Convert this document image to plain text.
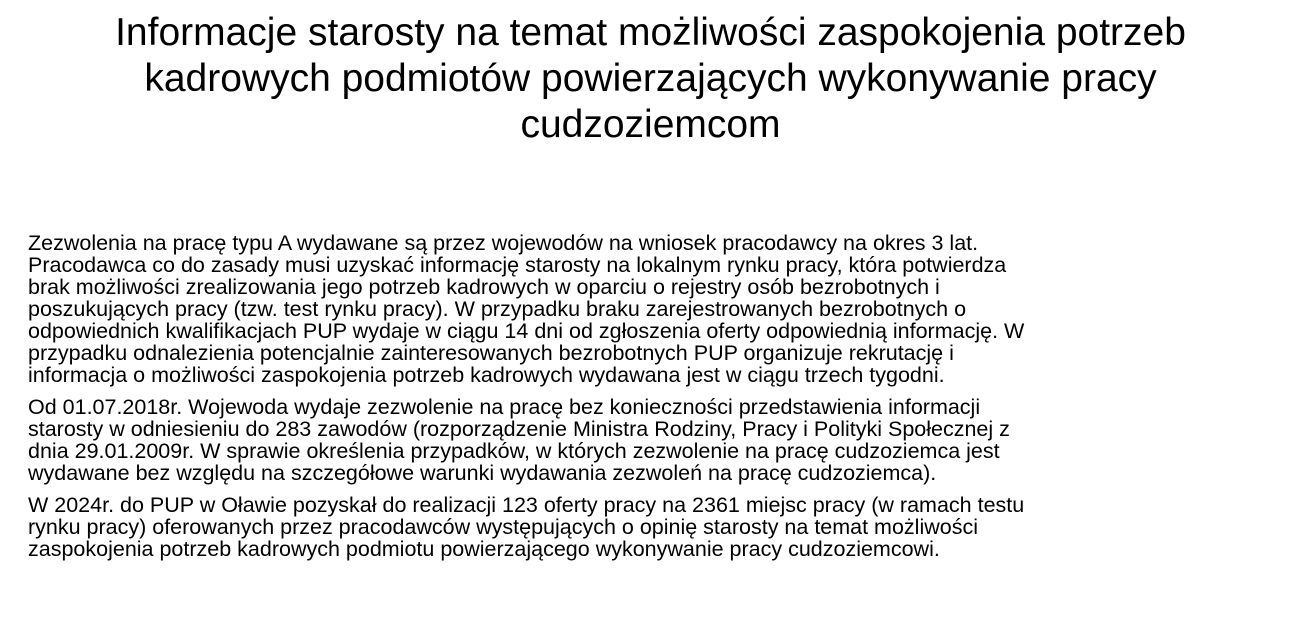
Informacje starosty na temat możliwości zaspokojenia potrzeb
kadrowych podmiotów powierzających wykonywanie pracy
cudzoziemcom

Zezwolenia na pracę typu A wydawane są przez wojewodów na wniosek pracodawcy na okres 3 lat.
Pracodawca co do zasady musi uzyskać informację starosty na lokalnym rynku pracy, która potwierdza
brak możliwości zrealizowania jego potrzeb kadrowych w oparciu o rejestry osób bezrobotnych i
poszukujących pracy (tzw. test rynku pracy). W przypadku braku zarejestrowanych bezrobotnych o
odpowiednich kwalifikacjach PUP wydaje w ciągu 14 dni od zgłoszenia oferty odpowiednią informację. W
przypadku odnalezienia potencjalnie zainteresowanych bezrobotnych PUP organizuje rekrutację i
informacja o możliwości zaspokojenia potrzeb kadrowych wydawana jest w ciągu trzech tygodni.

Od 01.07.2018r. Wojewoda wydaje zezwolenie na pracę bez konieczności przedstawienia informacji
starosty w odniesieniu do 283 zawodów (rozporządzenie Ministra Rodziny, Pracy i Polityki Społecznej z
dnia 29.01.2009r. W sprawie określenia przypadków, w których zezwolenie na pracę cudzoziemca jest
wydawane bez względu na szczegółowe warunki wydawania zezwoleń na pracę cudzoziemca).

W 2024r. do PUP w Oławie pozyskał do realizacji 123 oferty pracy na 2361 miejsc pracy (w ramach testu
rynku pracy) oferowanych przez pracodawców występujących o opinię starosty na temat możliwości
zaspokojenia potrzeb kadrowych podmiotu powierzającego wykonywanie pracy cudzoziemcowi.
